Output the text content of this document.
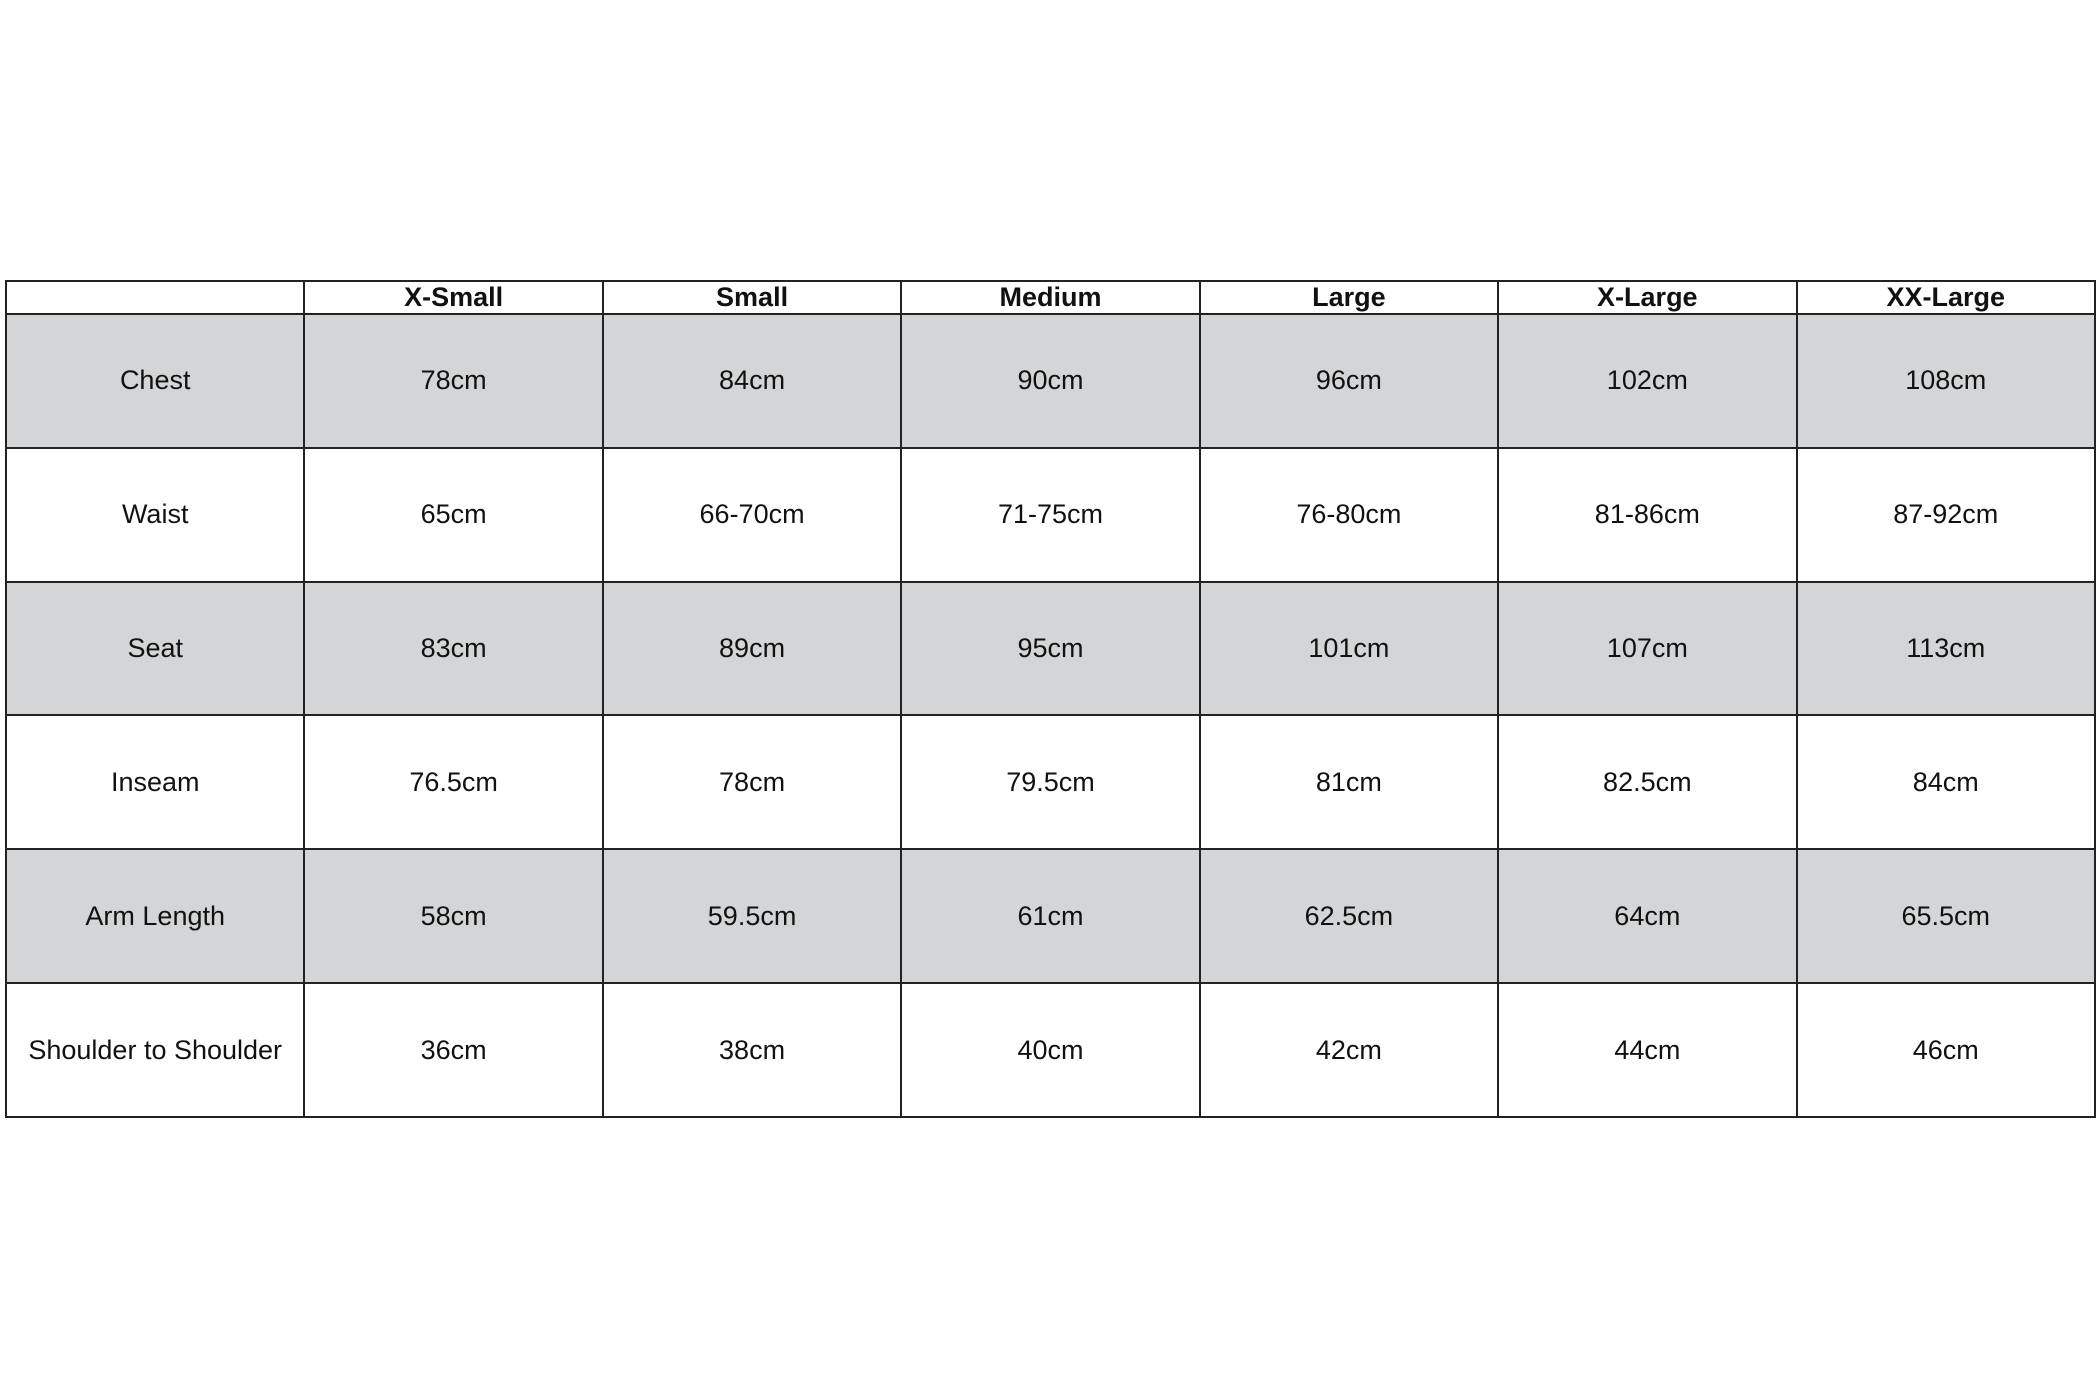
	X-Small	Small	Medium	Large	X-Large	XX-Large
Chest	78cm	84cm	90cm	96cm	102cm	108cm
Waist	65cm	66-70cm	71-75cm	76-80cm	81-86cm	87-92cm
Seat	83cm	89cm	95cm	101cm	107cm	113cm
Inseam	76.5cm	78cm	79.5cm	81cm	82.5cm	84cm
Arm Length	58cm	59.5cm	61cm	62.5cm	64cm	65.5cm
Shoulder to Shoulder	36cm	38cm	40cm	42cm	44cm	46cm
